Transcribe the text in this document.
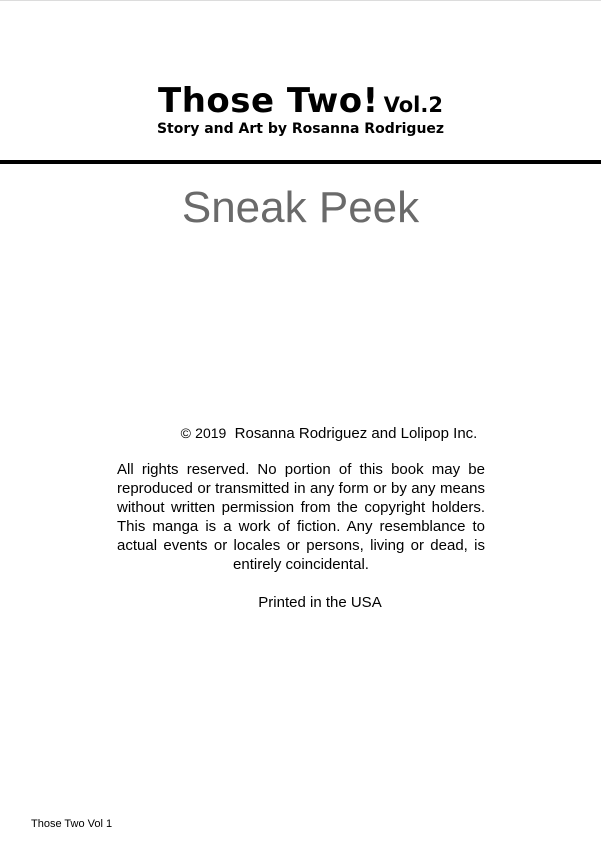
Those Two! Vol.2
Story and Art by Rosanna Rodriguez
Sneak Peek
© 2019 Rosanna Rodriguez and Lolipop Inc.
All rights reserved. No portion of this book may be reproduced or transmitted in any form or by any means without written permission from the copyright holders. This manga is a work of fiction. Any resemblance to actual events or locales or persons, living or dead, is entirely coincidental.
Printed in the USA
Those Two Vol 1
